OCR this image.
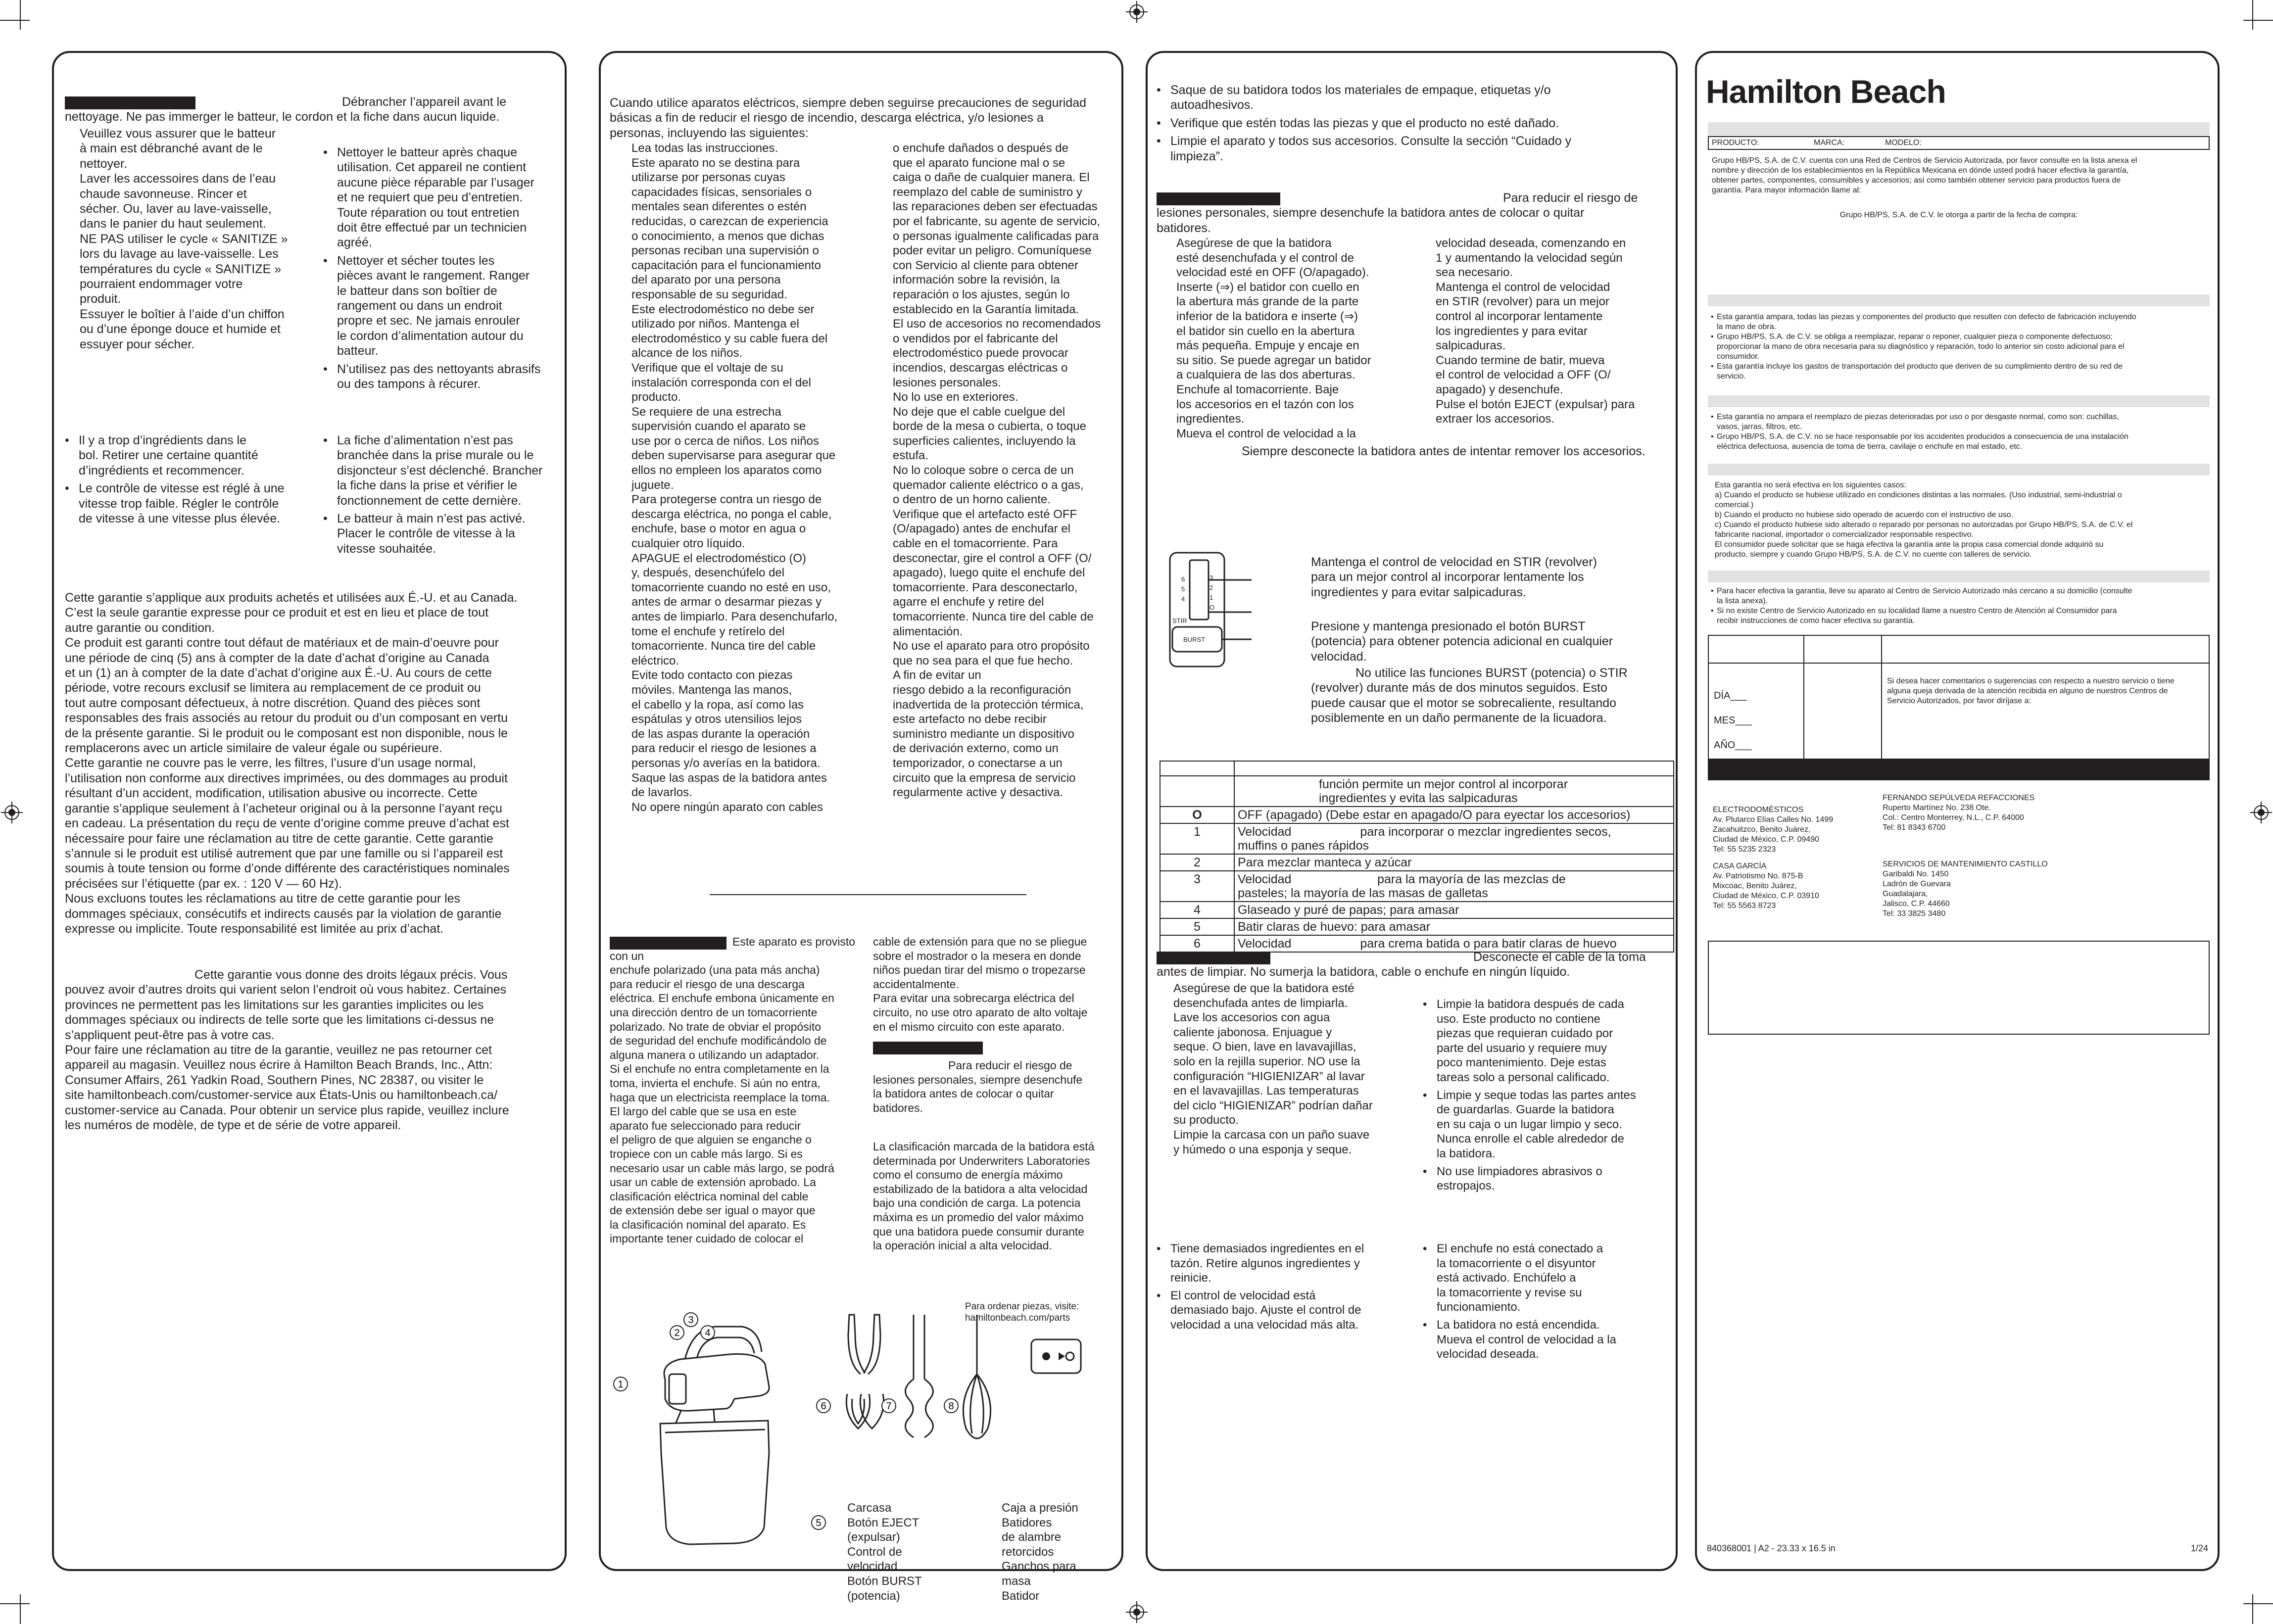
Débrancher l’appareil avant le
nettoyage. Ne pas immerger le batteur, le cordon et la fiche dans aucun liquide.
Veuillez vous assurer que le batteur
à main est débranché avant de le
nettoyer.
Laver les accessoires dans de l’eau
chaude savonneuse. Rincer et
sécher. Ou, laver au lave-vaisselle,
dans le panier du haut seulement.
NE PAS utiliser le cycle « SANITIZE »
lors du lavage au lave-vaisselle. Les
températures du cycle « SANITIZE »
pourraient endommager votre
produit.
Essuyer le boîtier à l’aide d’un chiffon
ou d’une éponge douce et humide et
essuyer pour sécher.
• Nettoyer le batteur après chaque
utilisation. Cet appareil ne contient
aucune pièce réparable par l’usager
et ne requiert que peu d’entretien.
Toute réparation ou tout entretien
doit être effectué par un technicien
agréé.
• Nettoyer et sécher toutes les
pièces avant le rangement. Ranger
le batteur dans son boîtier de
rangement ou dans un endroit
propre et sec. Ne jamais enrouler
le cordon d’alimentation autour du
batteur.
• N’utilisez pas des nettoyants abrasifs
ou des tampons à récurer.
• Il y a trop d’ingrédients dans le
bol. Retirer une certaine quantité
d’ingrédients et recommencer.
• Le contrôle de vitesse est réglé à une
vitesse trop faible. Régler le contrôle
de vitesse à une vitesse plus élevée.
• La fiche d’alimentation n’est pas
branchée dans la prise murale ou le
disjoncteur s’est déclenché. Brancher
la fiche dans la prise et vérifier le
fonctionnement de cette dernière.
• Le batteur à main n’est pas activé.
Placer le contrôle de vitesse à la
vitesse souhaitée.
Cette garantie s’applique aux produits achetés et utilisées aux É.-U. et au Canada.
C’est la seule garantie expresse pour ce produit et est en lieu et place de tout
autre garantie ou condition.
Ce produit est garanti contre tout défaut de matériaux et de main-d’oeuvre pour
une période de cinq (5) ans à compter de la date d’achat d’origine au Canada
et un (1) an à compter de la date d’achat d’origine aux É.-U. Au cours de cette
période, votre recours exclusif se limitera au remplacement de ce produit ou
tout autre composant défectueux, à notre discrétion. Quand des pièces sont
responsables des frais associés au retour du produit ou d’un composant en vertu
de la présente garantie. Si le produit ou le composant est non disponible, nous le
remplacerons avec un article similaire de valeur égale ou supérieure.
Cette garantie ne couvre pas le verre, les filtres, l’usure d’un usage normal,
l’utilisation non conforme aux directives imprimées, ou des dommages au produit
résultant d’un accident, modification, utilisation abusive ou incorrecte. Cette
garantie s’applique seulement à l’acheteur original ou à la personne l’ayant reçu
en cadeau. La présentation du reçu de vente d’origine comme preuve d’achat est
nécessaire pour faire une réclamation au titre de cette garantie. Cette garantie
s’annule si le produit est utilisé autrement que par une famille ou si l’appareil est
soumis à toute tension ou forme d’onde différente des caractéristiques nominales
précisées sur l’étiquette (par ex. : 120 V — 60 Hz).
Nous excluons toutes les réclamations au titre de cette garantie pour les
dommages spéciaux, consécutifs et indirects causés par la violation de garantie
expresse ou implicite. Toute responsabilité est limitée au prix d’achat.
Cette garantie vous donne des droits légaux précis. Vous
pouvez avoir d’autres droits qui varient selon l’endroit où vous habitez. Certaines
provinces ne permettent pas les limitations sur les garanties implicites ou les
dommages spéciaux ou indirects de telle sorte que les limitations ci-dessus ne
s’appliquent peut-être pas à votre cas.
Pour faire une réclamation au titre de la garantie, veuillez ne pas retourner cet
appareil au magasin. Veuillez nous écrire à Hamilton Beach Brands, Inc., Attn:
Consumer Affairs, 261 Yadkin Road, Southern Pines, NC 28387, ou visiter le
site hamiltonbeach.com/customer-service aux États-Unis ou hamiltonbeach.ca/
customer-service au Canada. Pour obtenir un service plus rapide, veuillez inclure
les numéros de modèle, de type et de série de votre appareil.
Cuando utilice aparatos eléctricos, siempre deben seguirse precauciones de seguridad
básicas a fin de reducir el riesgo de incendio, descarga eléctrica, y/o lesiones a
personas, incluyendo las siguientes:
Lea todas las instrucciones.
Este aparato no se destina para
utilizarse por personas cuyas
capacidades físicas, sensoriales o
mentales sean diferentes o estén
reducidas, o carezcan de experiencia
o conocimiento, a menos que dichas
personas reciban una supervisión o
capacitación para el funcionamiento
del aparato por una persona
responsable de su seguridad.
Este electrodoméstico no debe ser
utilizado por niños. Mantenga el
electrodoméstico y su cable fuera del
alcance de los niños.
Verifique que el voltaje de su
instalación corresponda con el del
producto.
Se requiere de una estrecha
supervisión cuando el aparato se
use por o cerca de niños. Los niños
deben supervisarse para asegurar que
ellos no empleen los aparatos como
juguete.
Para protegerse contra un riesgo de
descarga eléctrica, no ponga el cable,
enchufe, base o motor en agua o
cualquier otro líquido.
APAGUE el electrodoméstico (O)
y, después, desenchúfelo del
tomacorriente cuando no esté en uso,
antes de armar o desarmar piezas y
antes de limpiarlo. Para desenchufarlo,
tome el enchufe y retírelo del
tomacorriente. Nunca tire del cable
eléctrico.
Evite todo contacto con piezas
móviles. Mantenga las manos,
el cabello y la ropa, así como las
espátulas y otros utensilios lejos
de las aspas durante la operación
para reducir el riesgo de lesiones a
personas y/o averías en la batidora.
Saque las aspas de la batidora antes
de lavarlos.
No opere ningún aparato con cables
o enchufe dañados o después de
que el aparato funcione mal o se
caiga o dañe de cualquier manera. El
reemplazo del cable de suministro y
las reparaciones deben ser efectuadas
por el fabricante, su agente de servicio,
o personas igualmente calificadas para
poder evitar un peligro. Comuníquese
con Servicio al cliente para obtener
información sobre la revisión, la
reparación o los ajustes, según lo
establecido en la Garantía limitada.
El uso de accesorios no recomendados
o vendidos por el fabricante del
electrodoméstico puede provocar
incendios, descargas eléctricas o
lesiones personales.
No lo use en exteriores.
No deje que el cable cuelgue del
borde de la mesa o cubierta, o toque
superficies calientes, incluyendo la
estufa.
No lo coloque sobre o cerca de un
quemador caliente eléctrico o a gas,
o dentro de un horno caliente.
Verifique que el artefacto esté OFF
(O/apagado) antes de enchufar el
cable en el tomacorriente. Para
desconectar, gire el control a OFF (O/
apagado), luego quite el enchufe del
tomacorriente. Para desconectarlo,
agarre el enchufe y retire del
tomacorriente. Nunca tire del cable de
alimentación.
No use el aparato para otro propósito
que no sea para el que fue hecho.
A fin de evitar un
riesgo debido a la reconfiguración
inadvertida de la protección térmica,
este artefacto no debe recibir
suministro mediante un dispositivo
de derivación externo, como un
temporizador, o conectarse a un
circuito que la empresa de servicio
regularmente active y desactiva.
Este aparato es provisto con un
enchufe polarizado (una pata más ancha)
para reducir el riesgo de una descarga
eléctrica. El enchufe embona únicamente en
una dirección dentro de un tomacorriente
polarizado. No trate de obviar el propósito
de seguridad del enchufe modificándolo de
alguna manera o utilizando un adaptador.
Si el enchufe no entra completamente en la
toma, inviertа el enchufe. Si aún no entra,
haga que un electricista reemplace la toma.
El largo del cable que se usa en este
aparato fue seleccionado para reducir
el peligro de que alguien se enganche o
tropiece con un cable más largo. Si es
necesario usar un cable más largo, se podrá
usar un cable de extensión aprobado. La
clasificación eléctrica nominal del cable
de extensión debe ser igual o mayor que
la clasificación nominal del aparato. Es
importante tener cuidado de colocar el
cable de extensión para que no se pliegue
sobre el mostrador o la mesera en donde
niños puedan tirar del mismo o tropezarse
accidentalmente.
Para evitar una sobrecarga eléctrica del
circuito, no use otro aparato de alto voltaje
en el mismo circuito con este aparato.
Para reducir el riesgo de
lesiones personales, siempre desenchufe
la batidora antes de colocar o quitar
batidores.
La clasificación marcada de la batidora está
determinada por Underwriters Laboratories
como el consumo de energía máximo
estabilizado de la batidora a alta velocidad
bajo una condición de carga. La potencia
máxima es un promedio del valor máximo
que una batidora puede consumir durante
la operación inicial a alta velocidad.
Para ordenar piezas, visite:
hamiltonbeach.com/parts
1
2
3
4
5
6	7	8
Carcasa
Botón EJECT
(expulsar)
Control de
velocidad
Botón BURST
(potencia)
Caja a presión
Batidores
de alambre
retorcidos
Ganchos para
masa
Batidor
• Saque de su batidora todos los materiales de empaque, etiquetas y/o
autoadhesivos.
• Verifique que estén todas las piezas y que el producto no esté dañado.
• Limpie el aparato y todos sus accesorios. Consulte la sección “Cuidado y
limpieza”.
Para reducir el riesgo de
lesiones personales, siempre desenchufe la batidora antes de colocar o quitar
batidores.
Asegúrese de que la batidora
esté desenchufada y el control de
velocidad esté en OFF (O/apagado).
Inserte (⇒) el batidor con cuello en
la abertura más grande de la parte
inferior de la batidora e inserte (⇒)
el batidor sin cuello en la abertura
más pequeña. Empuje y encaje en
su sitio. Se puede agregar un batidor
a cualquiera de las dos aberturas.
Enchufe al tomacorriente. Baje
los accesorios en el tazón con los
ingredientes.
Mueva el control de velocidad a la
velocidad deseada, comenzando en
1 y aumentando la velocidad según
sea necesario.
Mantenga el control de velocidad
en STIR (revolver) para un mejor
control al incorporar lentamente
los ingredientes y para evitar
salpicaduras.
Cuando termine de batir, mueva
el control de velocidad a OFF (O/
apagado) y desenchufe.
Pulse el botón EJECT (expulsar) para
extraer los accesorios.
Siempre desconecte la batidora antes de intentar remover los accesorios.
6
5
4
3
2
1
O
STIR
BURST
Mantenga el control de velocidad en STIR (revolver)
para un mejor control al incorporar lentamente los
ingredientes y para evitar salpicaduras.
Presione y mantenga presionado el botón BURST
(potencia) para obtener potencia adicional en cualquier
velocidad.
No utilice las funciones BURST (potencia) o STIR
(revolver) durante más de dos minutos seguidos. Esto
puede causar que el motor se sobrecaliente, resultando
posiblemente en un daño permanente de la licuadora.

	función permite un mejor control al incorporar
ingredientes y evita las salpicaduras
O	OFF (apagado) (Debe estar en apagado/O para eyectar los accesorios)
1	Velocidad                    para incorporar o mezclar ingredientes secos,
muffins o panes rápidos
2	Para mezclar manteca y azúcar
3	Velocidad                         para la mayoría de las mezclas de
pasteles; la mayoría de las masas de galletas
4	Glaseado y puré de papas; para amasar
5	Batir claras de huevo: para amasar
6	Velocidad                    para crema batida o para batir claras de huevo
Desconecte el cable de la toma
antes de limpiar. No sumerja la batidora, cable o enchufe en ningún líquido.
Asegúrese de que la batidora esté
desenchufada antes de limpiarla.
Lave los accesorios con agua
caliente jabonosa. Enjuague y
seque. O bien, lave en lavavajillas,
solo en la rejilla superior. NO use la
configuración “HIGIENIZAR” al lavar
en el lavavajillas. Las temperaturas
del ciclo “HIGIENIZAR” podrían dañar
su producto.
Limpie la carcasa con un paño suave
y húmedo o una esponja y seque.
• Limpie la batidora después de cada
uso. Este producto no contiene
piezas que requieran cuidado por
parte del usuario y requiere muy
poco mantenimiento. Deje estas
tareas solo a personal calificado.
• Limpie y seque todas las partes antes
de guardarlas. Guarde la batidora
en su caja o un lugar limpio y seco.
Nunca enrolle el cable alrededor de
la batidora.
• No use limpiadores abrasivos o
estropajos.
• Tiene demasiados ingredientes en el
tazón. Retire algunos ingredientes y
reinicie.
• El control de velocidad está
demasiado bajo. Ajuste el control de
velocidad a una velocidad más alta.
• El enchufe no está conectado a
la tomacorriente o el disyuntor
está activado. Enchúfelo a
la tomacorriente y revise su
funcionamiento.
• La batidora no está encendida.
Mueva el control de velocidad a la
velocidad deseada.
Hamilton Beach
PRODUCTO:	MARCA:	MODELO:
Grupo HB/PS, S.A. de C.V. cuenta con una Red de Centros de Servicio Autorizada, por favor consulte en la lista anexa el
nombre y dirección de los establecimientos en la República Mexicana en dónde usted podrá hacer efectiva la garantía,
obtener partes, componentes, consumibles y accesorios; así como también obtener servicio para productos fuera de
garantía. Para mayor información llame al:
Grupo HB/PS, S.A. de C.V. le otorga a partir de la fecha de compra:
• Esta garantía ampara, todas las piezas y componentes del producto que resulten con defecto de fabricación incluyendo
la mano de obra.
• Grupo HB/PS, S.A. de C.V. se obliga a reemplazar, reparar o reponer, cualquier pieza o componente defectuoso;
proporcionar la mano de obra necesaria para su diagnóstico y reparación, todo lo anterior sin costo adicional para el
consumidor.
• Esta garantía incluye los gastos de transportación del producto que deriven de su cumplimiento dentro de su red de
servicio.
• Esta garantía no ampara el reemplazo de piezas deterioradas por uso o por desgaste normal, como son: cuchillas,
vasos, jarras, filtros, etc.
• Grupo HB/PS, S.A. de C.V. no se hace responsable por los accidentes producidos a consecuencia de una instalación
eléctrica defectuosa, ausencia de toma de tierra, cavilaje o enchufe en mal estado, etc.
Esta garantía no será efectiva en los siguientes casos:
a) Cuando el producto se hubiese utilizado en condiciones distintas a las normales. (Uso industrial, semi-industrial o
comercial.)
b) Cuando el producto no hubiese sido operado de acuerdo con el instructivo de uso.
c) Cuando el producto hubiese sido alterado o reparado por personas no autorizadas por Grupo HB/PS, S.A. de C.V. el
fabricante nacional, importador o comercializador responsable respectivo.
El consumidor puede solicitar que se haga efectiva la garantía ante la propia casa comercial donde adquirió su
producto, siempre y cuando Grupo HB/PS, S.A. de C.V. no cuente con talleres de servicio.
• Para hacer efectiva la garantía, lleve su aparato al Centro de Servicio Autorizado más cercano a su domicilio (consulte
la lista anexa).
• Si no existe Centro de Servicio Autorizado en su localidad llame a nuestro Centro de Atención al Consumidor para
recibir instrucciones de como hacer efectiva su garantía.
DÍA___
MES___
AÑO___
Si desea hacer comentarios o sugerencias con respecto a nuestro servicio o tiene
alguna queja derivada de la atención recibida en alguno de nuestros Centros de
Servicio Autorizados, por favor diríjase a:
ELECTRODOMÉSTICOS
Av. Plutarco Elías Calles No. 1499
Zacahuitzco, Benito Juárez,
Ciudad de México, C.P. 09490
Tel: 55 5235 2323
CASA GARCÍA
Av. Patriotismo No. 875-B
Mixcoac, Benito Juárez,
Ciudad de México, C.P. 03910
Tel: 55 5563 8723
FERNANDO SEPÚLVEDA REFACCIONES
Ruperto Martínez No. 238 Ote.
Col.: Centro Monterrey, N.L., C.P. 64000
Tel: 81 8343 6700
SERVICIOS DE MANTENIMIENTO CASTILLO
Garibaldi No. 1450
Ladrón de Guevara
Guadalajara,
Jalisco, C.P. 44660
Tel: 33 3825 3480
840368001 | A2 - 23.33 x 16.5 in	1/24
